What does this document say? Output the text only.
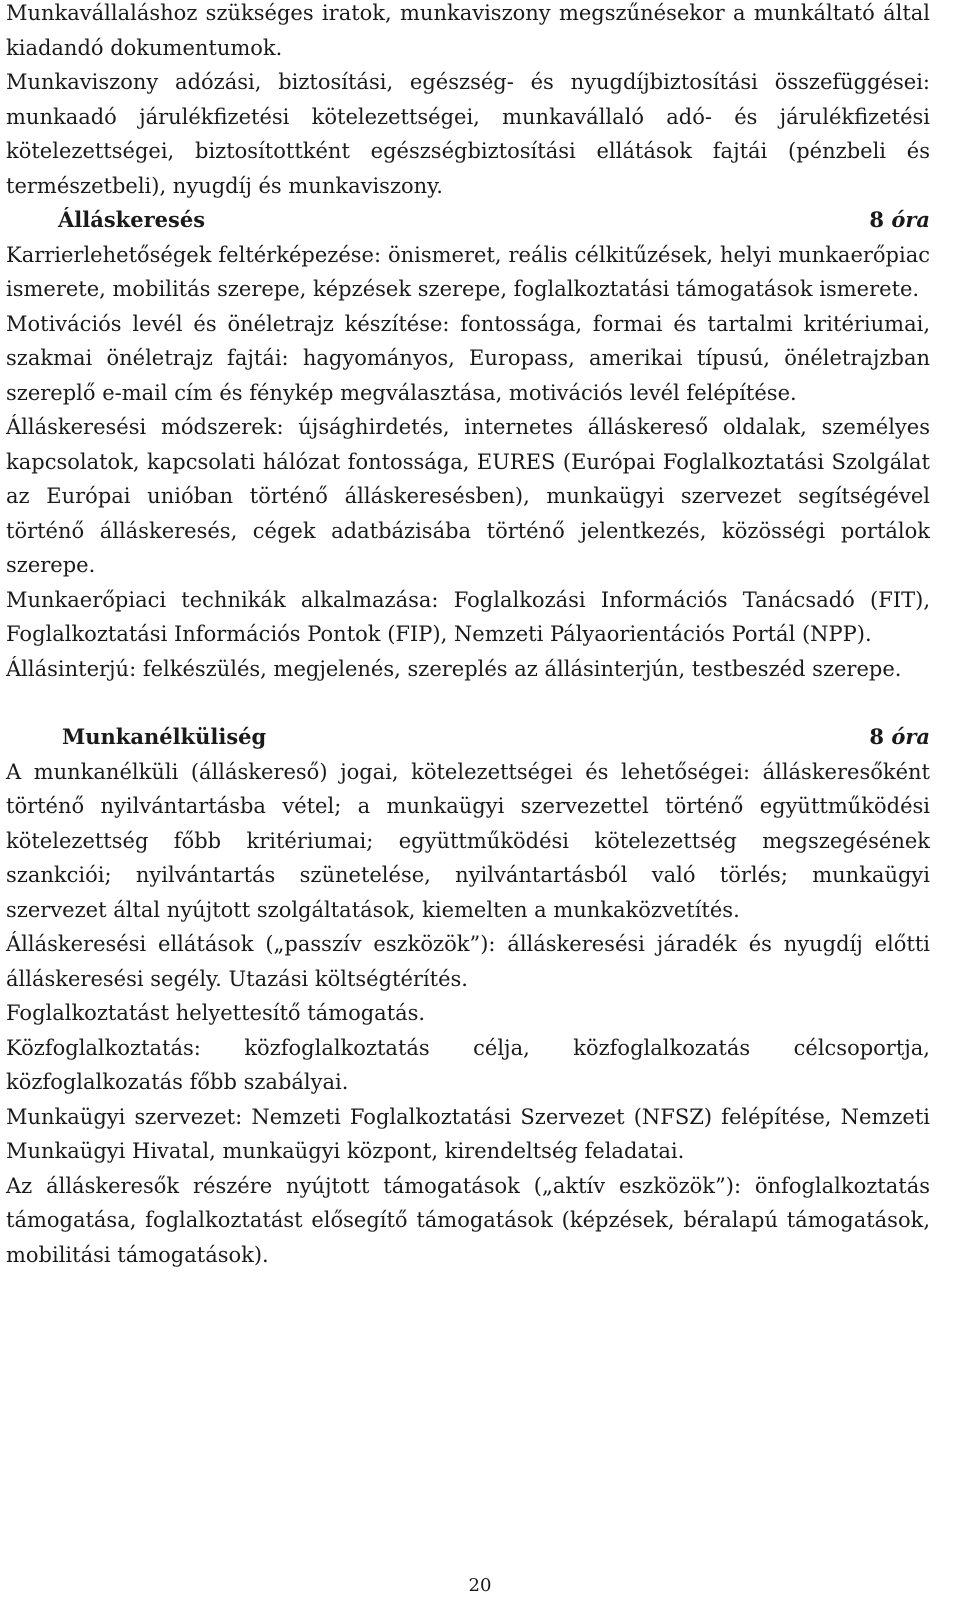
Munkavállaláshoz szükséges iratok, munkaviszony megszűnésekor a munkáltató által kiadandó dokumentumok.

Munkaviszony adózási, biztosítási, egészség- és nyugdíjbiztosítási összefüggései: munkaadó járulékfizetési kötelezettségei, munkavállaló adó- és járulékfizetési kötelezettségei, biztosítottként egészségbiztosítási ellátások fajtái (pénzbeli és természetbeli), nyugdíj és munkaviszony.

Álláskeresés	8 óra

Karrierlehetőségek feltérképezése: önismeret, reális célkitűzések, helyi munkaerőpiac ismerete, mobilitás szerepe, képzések szerepe, foglalkoztatási támogatások ismerete.

Motivációs levél és önéletrajz készítése: fontossága, formai és tartalmi kritériumai, szakmai önéletrajz fajtái: hagyományos, Europass, amerikai típusú, önéletrajzban szereplő e-mail cím és fénykép megválasztása, motivációs levél felépítése.

Álláskeresési módszerek: újsághirdetés, internetes álláskereső oldalak, személyes kapcsolatok, kapcsolati hálózat fontossága, EURES (Európai Foglalkoztatási Szolgálat az Európai unióban történő álláskeresésben), munkaügyi szervezet segítségével történő álláskeresés, cégek adatbázisába történő jelentkezés, közösségi portálok szerepe.

Munkaerőpiaci technikák alkalmazása: Foglalkozási Információs Tanácsadó (FIT), Foglalkoztatási Információs Pontok (FIP), Nemzeti Pályaorientációs Portál (NPP).

Állásinterjú: felkészülés, megjelenés, szereplés az állásinterjún, testbeszéd szerepe.

Munkanélküliség	8 óra

A munkanélküli (álláskereső) jogai, kötelezettségei és lehetőségei: álláskeresőként történő nyilvántartásba vétel; a munkaügyi szervezettel történő együttműködési kötelezettség főbb kritériumai; együttműködési kötelezettség megszegésének szankciói; nyilvántartás szünetelése, nyilvántartásból való törlés; munkaügyi szervezet által nyújtott szolgáltatások, kiemelten a munkaközvetítés.

Álláskeresési ellátások („passzív eszközök”): álláskeresési járadék és nyugdíj előtti álláskeresési segély. Utazási költségtérítés.

Foglalkoztatást helyettesítő támogatás.

Közfoglalkoztatás: közfoglalkoztatás célja, közfoglalkozatás célcsoportja, közfoglalkozatás főbb szabályai.

Munkaügyi szervezet: Nemzeti Foglalkoztatási Szervezet (NFSZ) felépítése, Nemzeti Munkaügyi Hivatal, munkaügyi központ, kirendeltség feladatai.

Az álláskeresők részére nyújtott támogatások („aktív eszközök”): önfoglalkoztatás támogatása, foglalkoztatást elősegítő támogatások (képzések, béralapú támogatások, mobilitási támogatások).

20
